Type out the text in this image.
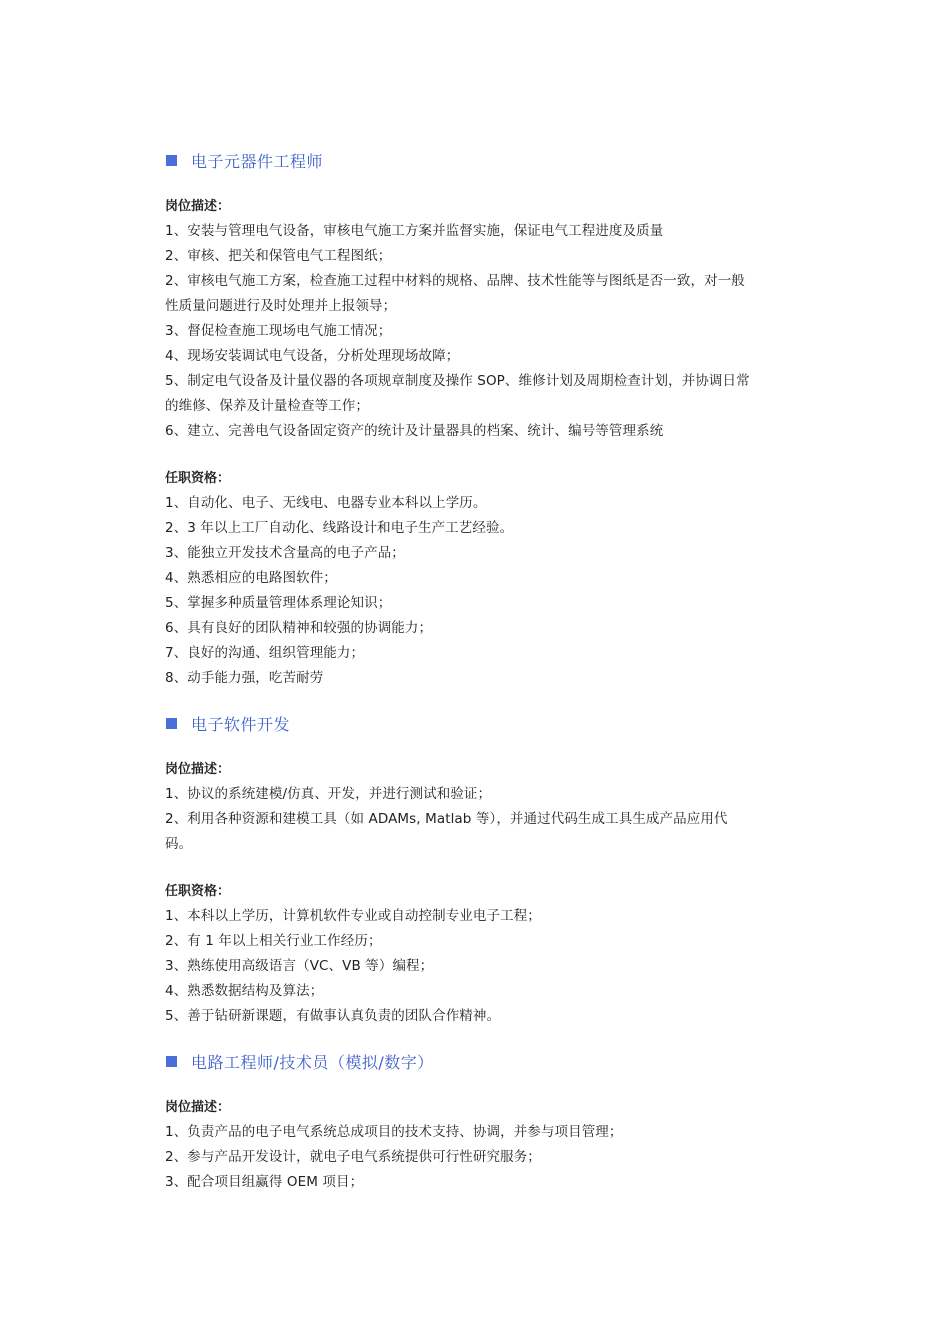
电子元器件工程师
岗位描述：
1、安装与管理电气设备，审核电气施工方案并监督实施，保证电气工程进度及质量
2、审核、把关和保管电气工程图纸；
2、审核电气施工方案，检查施工过程中材料的规格、品牌、技术性能等与图纸是否一致，对一般
性质量问题进行及时处理并上报领导；
3、督促检查施工现场电气施工情况；
4、现场安装调试电气设备，分析处理现场故障；
5、制定电气设备及计量仪器的各项规章制度及操作 SOP、维修计划及周期检查计划，并协调日常
的维修、保养及计量检查等工作；
6、建立、完善电气设备固定资产的统计及计量器具的档案、统计、编号等管理系统
任职资格：
1、自动化、电子、无线电、电器专业本科以上学历。
2、3 年以上工厂自动化、线路设计和电子生产工艺经验。
3、能独立开发技术含量高的电子产品；
4、熟悉相应的电路图软件；
5、掌握多种质量管理体系理论知识；
6、具有良好的团队精神和较强的协调能力；
7、良好的沟通、组织管理能力；
8、动手能力强，吃苦耐劳
电子软件开发
岗位描述：
1、协议的系统建模/仿真、开发，并进行测试和验证；
2、利用各种资源和建模工具（如 ADAMs, Matlab 等），并通过代码生成工具生成产品应用代
码。
任职资格：
1、本科以上学历，计算机软件专业或自动控制专业电子工程；
2、有 1 年以上相关行业工作经历；
3、熟练使用高级语言（VC、VB 等）编程；
4、熟悉数据结构及算法；
5、善于钻研新课题，有做事认真负责的团队合作精神。
电路工程师/技术员（模拟/数字）
岗位描述：
1、负责产品的电子电气系统总成项目的技术支持、协调，并参与项目管理；
2、参与产品开发设计，就电子电气系统提供可行性研究服务；
3、配合项目组赢得 OEM 项目；
